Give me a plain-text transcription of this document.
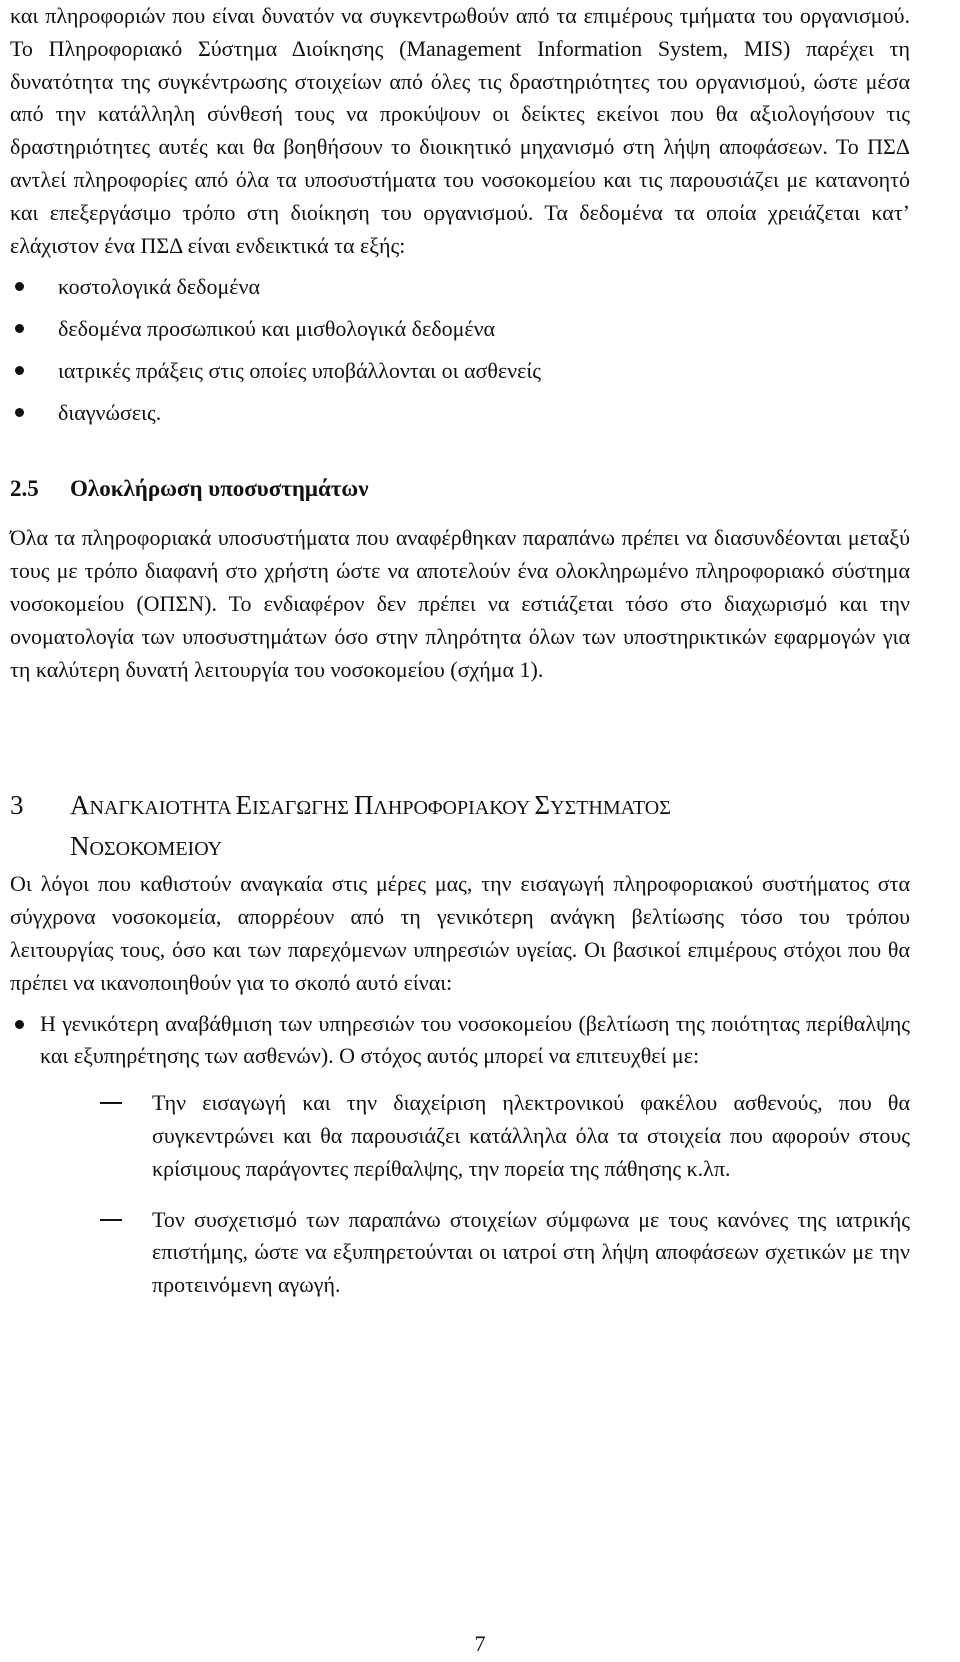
και πληροφοριών που είναι δυνατόν να συγκεντρωθούν από τα επιμέρους τμήματα του οργανισμού. Το Πληροφοριακό Σύστημα Διοίκησης (Management Information System, MIS) παρέχει τη δυνατότητα της συγκέντρωσης στοιχείων από όλες τις δραστηριότητες του οργανισμού, ώστε μέσα από την κατάλληλη σύνθεσή τους να προκύψουν οι δείκτες εκείνοι που θα αξιολογήσουν τις δραστηριότητες αυτές και θα βοηθήσουν το διοικητικό μηχανισμό στη λήψη αποφάσεων. Το ΠΣΔ αντλεί πληροφορίες από όλα τα υποσυστήματα του νοσοκομείου και τις παρουσιάζει με κατανοητό και επεξεργάσιμο τρόπο στη διοίκηση του οργανισμού. Τα δεδομένα τα οποία χρειάζεται κατ’ ελάχιστον ένα ΠΣΔ είναι ενδεικτικά τα εξής:

κοστολογικά δεδομένα
δεδομένα προσωπικού και μισθολογικά δεδομένα
ιατρικές πράξεις στις οποίες υποβάλλονται οι ασθενείς
διαγνώσεις.
2.5 Ολοκλήρωση υποσυστημάτων

Όλα τα πληροφοριακά υποσυστήματα που αναφέρθηκαν παραπάνω πρέπει να διασυνδέονται μεταξύ τους με τρόπο διαφανή στο χρήστη ώστε να αποτελούν ένα ολοκληρωμένο πληροφοριακό σύστημα νοσοκομείου (ΟΠΣΝ). Το ενδιαφέρον δεν πρέπει να εστιάζεται τόσο στο διαχωρισμό και την ονοματολογία των υποσυστημάτων όσο στην πληρότητα όλων των υποστηρικτικών εφαρμογών για τη καλύτερη δυνατή λειτουργία του νοσοκομείου (σχήμα 1).

3 ΑΝΑΓΚΑΙΟΤΗΤΑ ΕΙΣΑΓΩΓΗΣ ΠΛΗΡΟΦΟΡΙΑΚΟΥ ΣΥΣΤΗΜΑΤΟΣ
ΝΟΣΟΚΟΜΕΙΟΥ

Οι λόγοι που καθιστούν αναγκαία στις μέρες μας, την εισαγωγή πληροφοριακού συστήματος στα σύγχρονα νοσοκομεία, απορρέουν από τη γενικότερη ανάγκη βελτίωσης τόσο του τρόπου λειτουργίας τους, όσο και των παρεχόμενων υπηρεσιών υγείας. Οι βασικοί επιμέρους στόχοι που θα πρέπει να ικανοποιηθούν για το σκοπό αυτό είναι:

Η γενικότερη αναβάθμιση των υπηρεσιών του νοσοκομείου (βελτίωση της ποιότητας περίθαλψης και εξυπηρέτησης των ασθενών). Ο στόχος αυτός μπορεί να επιτευχθεί με:

Την εισαγωγή και την διαχείριση ηλεκτρονικού φακέλου ασθενούς, που θα συγκεντρώνει και θα παρουσιάζει κατάλληλα όλα τα στοιχεία που αφορούν στους κρίσιμους παράγοντες περίθαλψης, την πορεία της πάθησης κ.λπ.

Τον συσχετισμό των παραπάνω στοιχείων σύμφωνα με τους κανόνες της ιατρικής επιστήμης, ώστε να εξυπηρετούνται οι ιατροί στη λήψη αποφάσεων σχετικών με την προτεινόμενη αγωγή.

7
